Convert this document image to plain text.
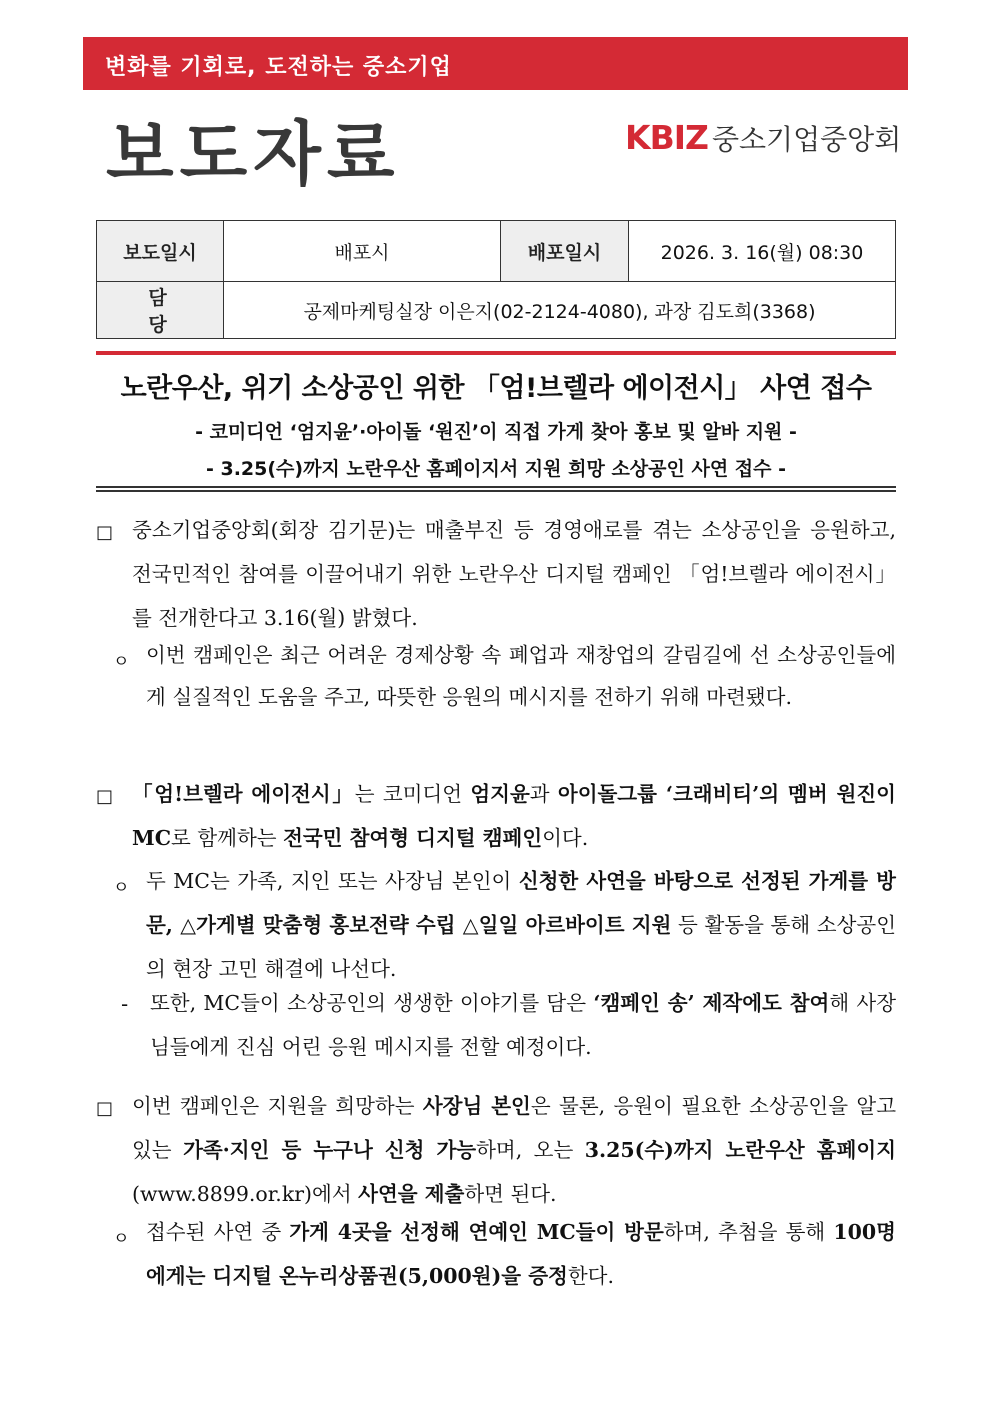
변화를 기회로, 도전하는 중소기업
보도자료	KBIZ 중소기업중앙회
보도일시	배포시	배포일시	2026. 3. 16(월) 08:30
담 당	공제마케팅실장 이은지(02-2124-4080), 과장 김도희(3368)		
노란우산, 위기 소상공인 위한 「엄!브렐라 에이전시」 사연 접수
- 코미디언 ‘엄지윤’·아이돌 ‘원진’이 직접 가게 찾아 홍보 및 알바 지원 -
- 3.25(수)까지 노란우산 홈페이지서 지원 희망 소상공인 사연 접수 -
□ 중소기업중앙회(회장 김기문)는 매출부진 등 경영애로를 겪는 소상공인을 응원하고, 전국민적인 참여를 이끌어내기 위한 노란우산 디지털 캠페인 「엄!브렐라 에이전시」를 전개한다고 3.16(월) 밝혔다.
ㅇ 이번 캠페인은 최근 어려운 경제상황 속 폐업과 재창업의 갈림길에 선 소상공인들에게 실질적인 도움을 주고, 따뜻한 응원의 메시지를 전하기 위해 마련됐다.
□ 「엄!브렐라 에이전시」는 코미디언 엄지윤과 아이돌그룹 ‘크래비티’의 멤버 원진이 MC로 함께하는 전국민 참여형 디지털 캠페인이다.
ㅇ 두 MC는 가족, 지인 또는 사장님 본인이 신청한 사연을 바탕으로 선정된 가게를 방문, △가게별 맞춤형 홍보전략 수립 △일일 아르바이트 지원 등 활동을 통해 소상공인의 현장 고민 해결에 나선다.
- 또한, MC들이 소상공인의 생생한 이야기를 담은 ‘캠페인 송’ 제작에도 참여해 사장님들에게 진심 어린 응원 메시지를 전할 예정이다.
□ 이번 캠페인은 지원을 희망하는 사장님 본인은 물론, 응원이 필요한 소상공인을 알고 있는 가족·지인 등 누구나 신청 가능하며, 오는 3.25(수)까지 노란우산 홈페이지(www.8899.or.kr)에서 사연을 제출하면 된다.
ㅇ 접수된 사연 중 가게 4곳을 선정해 연예인 MC들이 방문하며, 추첨을 통해 100명에게는 디지털 온누리상품권(5,000원)을 증정한다.
